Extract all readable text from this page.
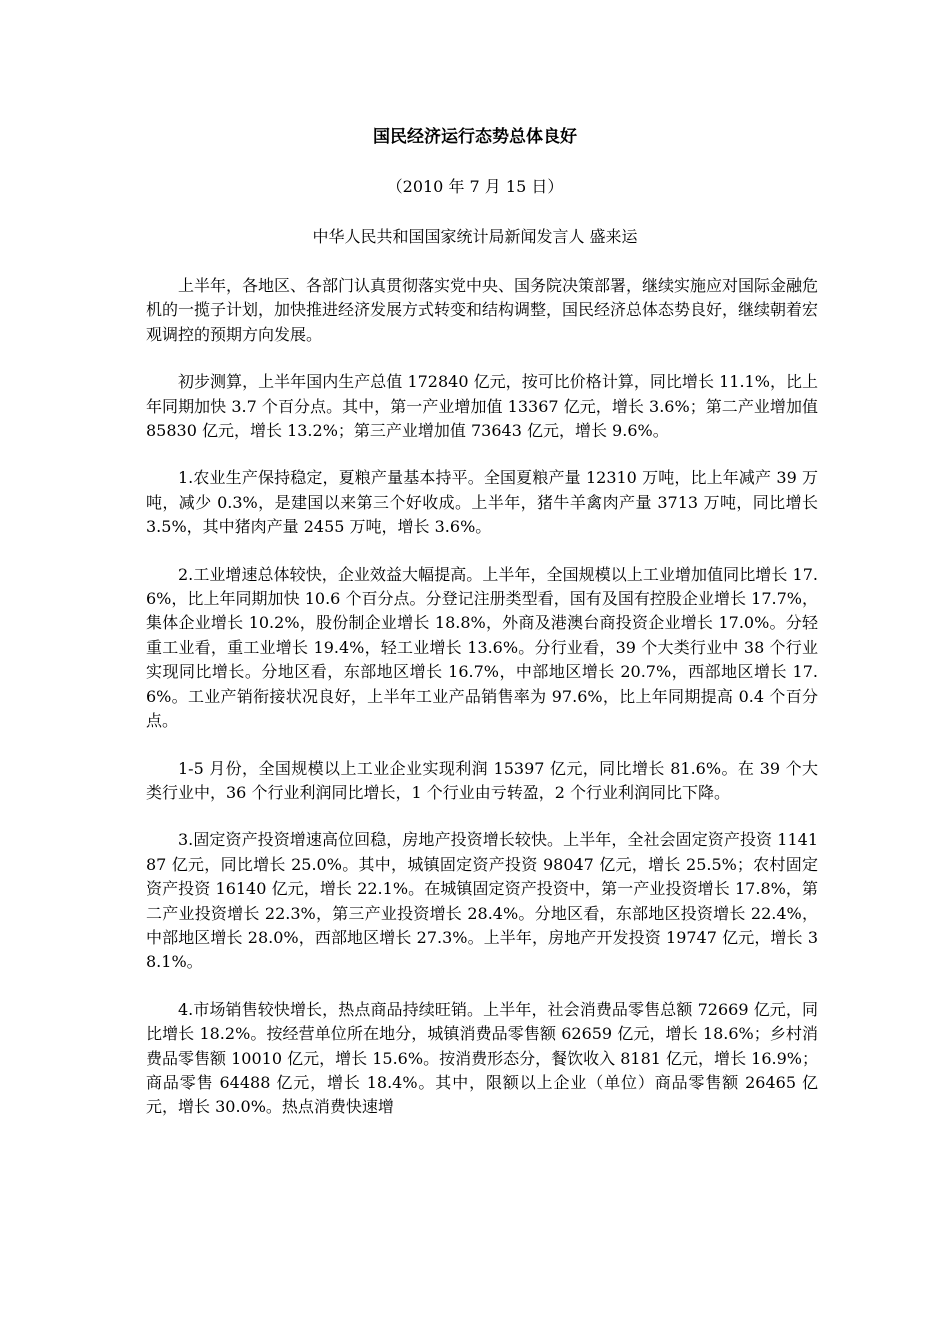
国民经济运行态势总体良好
（2010 年 7 月 15 日）
中华人民共和国国家统计局新闻发言人 盛来运

上半年，各地区、各部门认真贯彻落实党中央、国务院决策部署，继续实施应对国际金融危机的一揽子计划，加快推进经济发展方式转变和结构调整，国民经济总体态势良好，继续朝着宏观调控的预期方向发展。

初步测算，上半年国内生产总值 172840 亿元，按可比价格计算，同比增长 11.1%，比上年同期加快 3.7 个百分点。其中，第一产业增加值 13367 亿元，增长 3.6%；第二产业增加值 85830 亿元，增长 13.2%；第三产业增加值 73643 亿元，增长 9.6%。

1.农业生产保持稳定，夏粮产量基本持平。全国夏粮产量 12310 万吨，比上年减产 39 万吨，减少 0.3%，是建国以来第三个好收成。上半年，猪牛羊禽肉产量 3713 万吨，同比增长 3.5%，其中猪肉产量 2455 万吨，增长 3.6%。

2.工业增速总体较快，企业效益大幅提高。上半年，全国规模以上工业增加值同比增长 17.6%，比上年同期加快 10.6 个百分点。分登记注册类型看，国有及国有控股企业增长 17.7%，集体企业增长 10.2%，股份制企业增长 18.8%，外商及港澳台商投资企业增长 17.0%。分轻重工业看，重工业增长 19.4%，轻工业增长 13.6%。分行业看，39 个大类行业中 38 个行业实现同比增长。分地区看，东部地区增长 16.7%，中部地区增长 20.7%，西部地区增长 17.6%。工业产销衔接状况良好，上半年工业产品销售率为 97.6%，比上年同期提高 0.4 个百分点。

1-5 月份，全国规模以上工业企业实现利润 15397 亿元，同比增长 81.6%。在 39 个大类行业中，36 个行业利润同比增长，1 个行业由亏转盈，2 个行业利润同比下降。

3.固定资产投资增速高位回稳，房地产投资增长较快。上半年，全社会固定资产投资 114187 亿元，同比增长 25.0%。其中，城镇固定资产投资 98047 亿元，增长 25.5%；农村固定资产投资 16140 亿元，增长 22.1%。在城镇固定资产投资中，第一产业投资增长 17.8%，第二产业投资增长 22.3%，第三产业投资增长 28.4%。分地区看，东部地区投资增长 22.4%，中部地区增长 28.0%，西部地区增长 27.3%。上半年，房地产开发投资 19747 亿元，增长 38.1%。

4.市场销售较快增长，热点商品持续旺销。上半年，社会消费品零售总额 72669 亿元，同比增长 18.2%。按经营单位所在地分，城镇消费品零售额 62659 亿元，增长 18.6%；乡村消费品零售额 10010 亿元，增长 15.6%。按消费形态分，餐饮收入 8181 亿元，增长 16.9%；商品零售 64488 亿元，增长 18.4%。其中，限额以上企业（单位）商品零售额 26465 亿元，增长 30.0%。热点消费快速增
